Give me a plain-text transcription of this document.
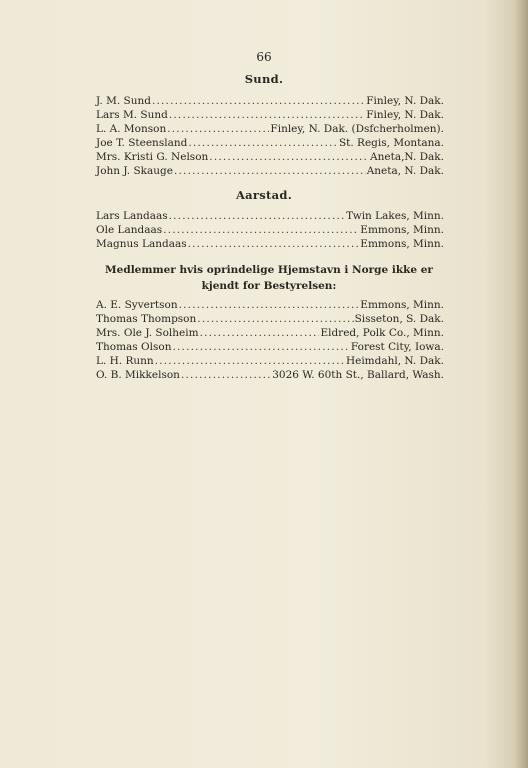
66
Sund.
J. M. Sund .....	Finley, N. Dak.
Lars M. Sund .....	Finley, N. Dak.
L. A. Monson .....	Finley, N. Dak. (Dsfcherholmen).
Joe T. Steensland .....	St. Regis, Montana.
Mrs. Kristi G. Nelson .....	Aneta,N. Dak.
John J. Skauge .....	Aneta, N. Dak.
Aarstad.
Lars Landaas .....	Twin Lakes, Minn.
Ole Landaas .....	Emmons, Minn.
Magnus Landaas .....	Emmons, Minn.
Medlemmer hvis oprindelige Hjemstavn i Norge ikke er kjendt for Bestyrelsen:
A. E. Syvertson .....	Emmons, Minn.
Thomas Thompson .....	Sisseton, S. Dak.
Mrs. Ole J. Solheim .....	Eldred, Polk Co., Minn.
Thomas Olson .....	Forest City, Iowa.
L. H. Runn .....	Heimdahl, N. Dak.
O. B. Mikkelson .....	3026 W. 60th St., Ballard, Wash.
